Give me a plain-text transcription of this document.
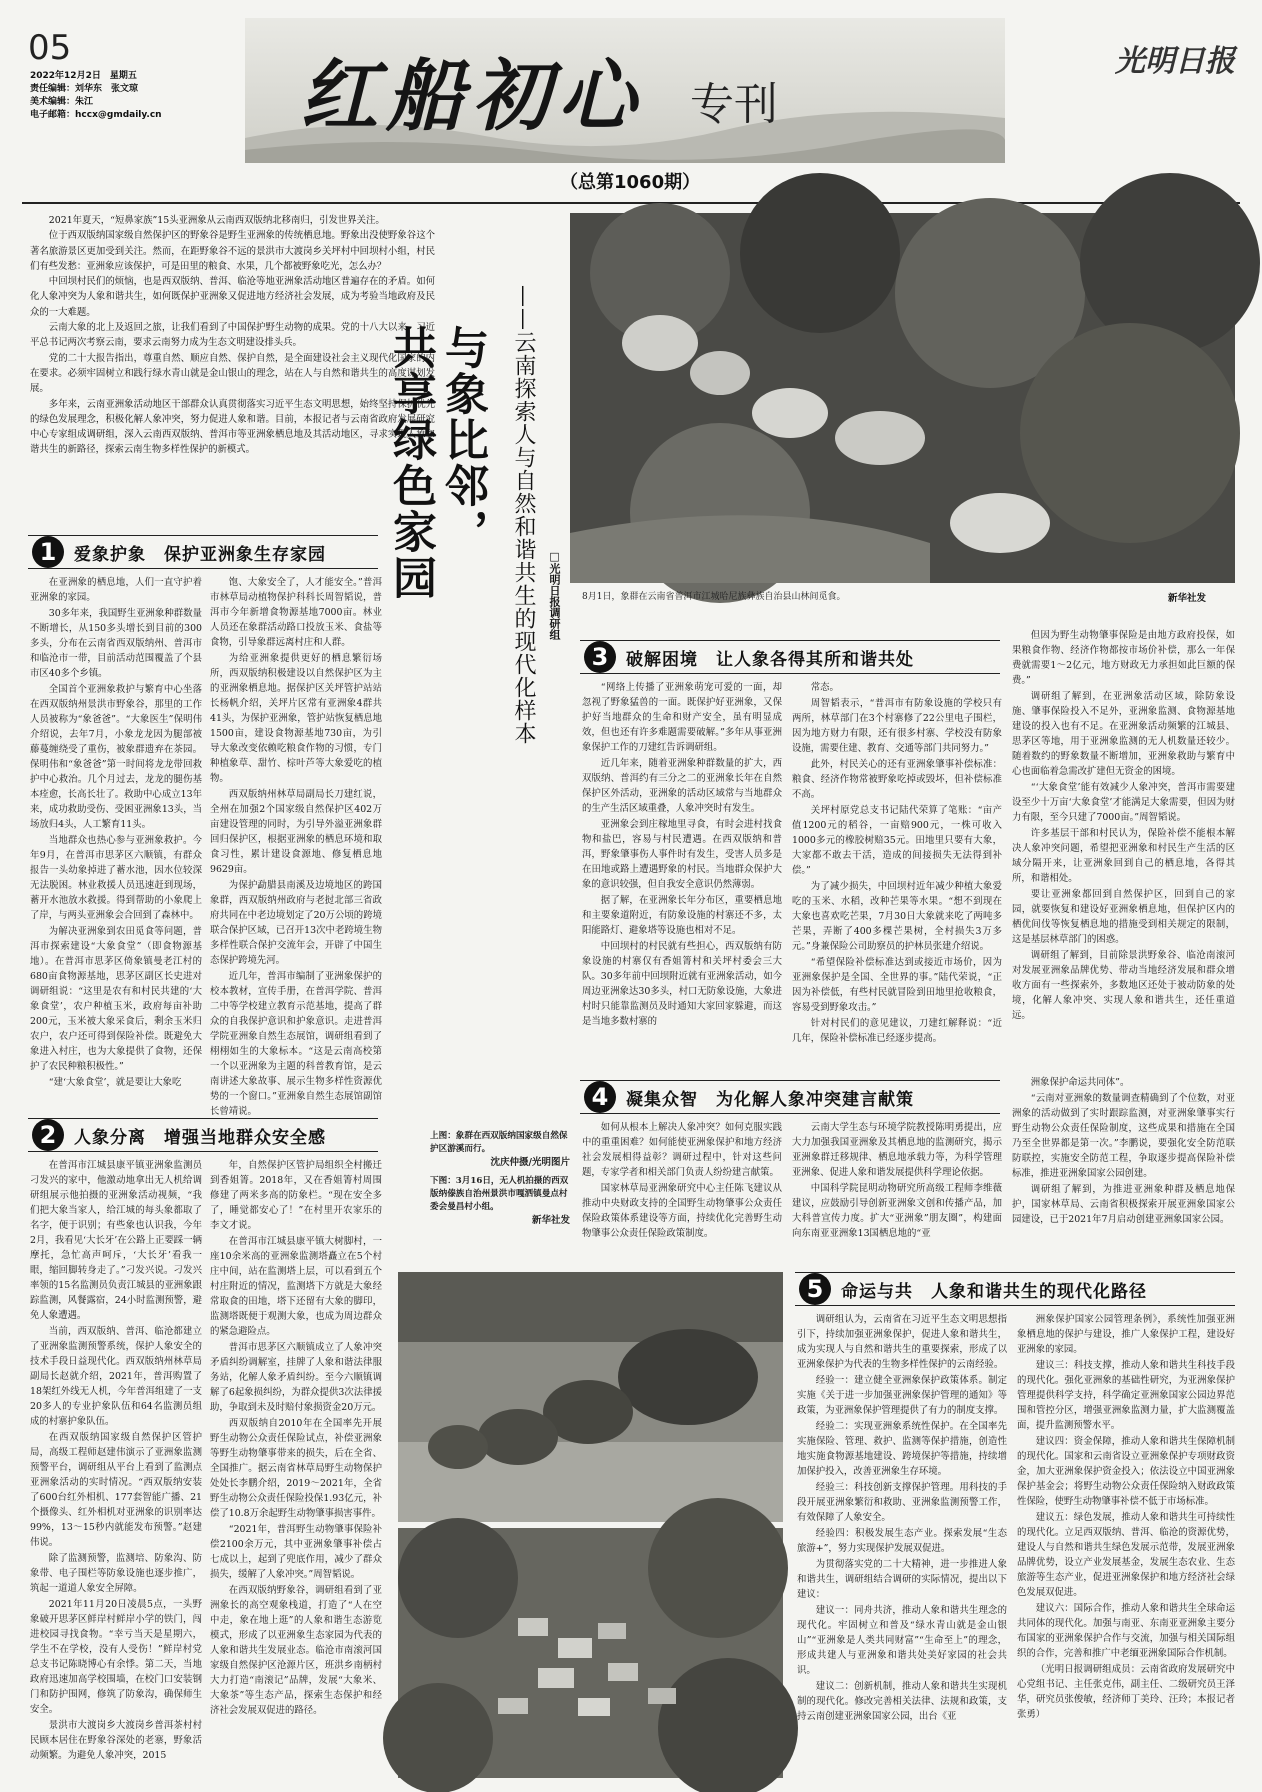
05
2022年12月2日　星期五
责任编辑：刘华东　张文琼
美术编辑：朱江
电子邮箱：hccx@gmdaily.cn	红船初心 专刊
（总第1060期）
光明日报

2021年夏天，“短鼻家族”15头亚洲象从云南西双版纳北移南归，引发世界关注。

位于西双版纳国家级自然保护区的野象谷是野生亚洲象的传统栖息地。野象出没使野象谷这个著名旅游景区更加受到关注。然而，在距野象谷不远的景洪市大渡岗乡关坪村中回坝村小组，村民们有些发愁：亚洲象应该保护，可是田里的粮食、水果，几个都被野象吃光，怎么办？

中回坝村民们的烦恼，也是西双版纳、普洱、临沧等地亚洲象活动地区普遍存在的矛盾。如何化人象冲突为人象和谐共生，如何既保护亚洲象又促进地方经济社会发展，成为考验当地政府及民众的一大难题。

云南大象的北上及返回之旅，让我们看到了中国保护野生动物的成果。党的十八大以来，习近平总书记两次考察云南，要求云南努力成为生态文明建设排头兵。

党的二十大报告指出，尊重自然、顺应自然、保护自然，是全面建设社会主义现代化国家的内在要求。必须牢固树立和践行绿水青山就是金山银山的理念，站在人与自然和谐共生的高度谋划发展。

多年来，云南亚洲象活动地区干部群众认真贯彻落实习近平生态文明思想，始终坚持保护优先的绿色发展理念，积极化解人象冲突，努力促进人象和谐。目前，本报记者与云南省政府发展研究中心专家组成调研组，深入云南西双版纳、普洱市等亚洲象栖息地及其活动地区，寻求实现人象和谐共生的新路径，探索云南生物多样性保护的新模式。	与象比邻，
共享绿色家园	——云南探索人与自然和谐共生的现代化样本 □光明日报调研组 8月1日，象群在云南省普洱市江城哈尼族彝族自治县山林间觅食。	新华社发
1	爱象护象　保护亚洲象生存家园

在亚洲象的栖息地，人们一直守护着亚洲象的家园。

30多年来，我国野生亚洲象种群数量不断增长，从150多头增长到目前的300多头，分布在云南省西双版纳州、普洱市和临沧市一带，目前活动范围覆盖了个县市区40多个乡镇。

全国首个亚洲象救护与繁育中心坐落在西双版纳州景洪市野象谷，那里的工作人员被称为“象爸爸”。“大象医生”保明伟介绍说，去年7月，小象龙龙因为腿部被藤蔓缠绕受了重伤，被象群遗弃在茶园。保明伟和“象爸爸”第一时间将龙龙带回救护中心救治。几个月过去，龙龙的腿伤基本痊愈，长高长壮了。救助中心成立13年来，成功救助受伤、受困亚洲象13头，当场放归4头，人工繁育11头。

当地群众也热心参与亚洲象救护。今年9月，在普洱市思茅区六顺镇，有群众报告一头幼象掉进了蓄水池，因水位较深无法脱困。林业救援人员迅速赶到现场，蓄开水池放水救援。得到帮助的小象爬上了岸，与两头亚洲象会合回到了森林中。

为解决亚洲象到农田觅食等问题，普洱市探索建设“大象食堂”（即食物源基地）。在普洱市思茅区倚象镇曼老江村的680亩食物源基地，思茅区副区长史进对调研组说：“这里是农有和村民共建的‘大象食堂’，农户种植玉米，政府每亩补助200元，玉米被大象采食后，剩余玉米归农户，农户还可得到保险补偿。既避免大象进入村庄，也为大象提供了食物，还保护了农民种粮积极性。”

“建‘大象食堂’，就是要让大象吃

饱、大象安全了，人才能安全。”普洱市林草局动植物保护科科长周智韬说，普洱市今年新增食物源基地7000亩。林业人员还在象群活动路口投放玉米、食盐等食物，引导象群远离村庄和人群。

为给亚洲象提供更好的栖息繁衍场所，西双版纳积极建设以自然保护区为主的亚洲象栖息地。据保护区关坪管护站站长杨帆介绍，关坪片区常有亚洲象4群共41头，为保护亚洲象，管护站恢复栖息地1500亩，建设食物源基地730亩，为引导大象改变依赖吃粮食作物的习惯，专门种植象草、甜竹、棕叶芦等大象爱吃的植物。

西双版纳州林草局副局长刀建红说，全州在加强2个国家级自然保护区402万亩建设管理的同时，为引导外溢亚洲象群回归保护区，根据亚洲象的栖息环境和取食习性，累计建设食源地、修复栖息地9629亩。

为保护勐腊县南溪及边境地区的跨国象群，西双版纳州政府与老挝北部三省政府共同在中老边境划定了20万公顷的跨境联合保护区域，已召开13次中老跨境生物多样性联合保护交流年会，开辟了中国生态保护跨境先河。

近几年，普洱市编制了亚洲象保护的校本教材，宣传手册，在普洱学院、普洱二中等学校建立教育示范基地，提高了群众的自我保护意识和护象意识。走进普洱学院亚洲象自然生态展馆，调研组看到了栩栩如生的大象标本。“这是云南高校第一个以亚洲象为主题的科普教育馆，是云南讲述大象故事、展示生物多样性资源优势的一个窗口。”亚洲象自然生态展馆副馆长曾靖说。

2	人象分离　增强当地群众安全感

在普洱市江城县康平镇亚洲象监测员刁发兴的家中，他激动地拿出无人机给调研组展示他拍摄的亚洲象活动视频，“我们把大象当家人，给江城的每头象都取了名字，便于识别；有些象也认识我，今年2月，我看见‘大长牙’在公路上正要踩一辆摩托，急忙高声呵斥，‘大长牙’看我一眼，缩回脚转身走了。”刁发兴说。刁发兴率领的15名监测员负责江城县的亚洲象跟踪监测，风餐露宿，24小时监测预警，避免人象遭遇。

当前，西双版纳、普洱、临沧都建立了亚洲象监测预警系统，保护人象安全的技术手段日益现代化。西双版纳州林草局副局长赵就介绍，2021年，普洱购置了18架红外线无人机，今年普洱组建了一支20多人的专业护象队伍和64名监测员组成的村寨护象队伍。

在西双版纳国家级自然保护区管护局，高级工程师赵建伟演示了亚洲象监测预警平台，调研组从平台上看到了监测点亚洲象活动的实时情况。“西双版纳安装了600台红外相机、177套智能广播、21个摄像头、红外相机对亚洲象的识别率达99%，13～15秒内就能发布预警。”赵建伟说。

除了监测预警，监测培、防象沟、防象带、电子围栏等防象设施也逐步推广，筑起一道道人象安全屏障。

2021年11月20日凌晨5点，一头野象破开思茅区鲜岸村鲜岸小学的铁门，闯进校园寻找食物。“幸亏当天是星期六，学生不在学校，没有人受伤！”鲜岸村党总支书记陈晓博心有余悸。第二天，当地政府迅速加高学校围墙，在校门口安装钢门和防护围网，修筑了防象沟，确保师生安全。

景洪市大渡岗乡大渡岗乡普洱茶村村民顾本居住在野象谷深处的老寨，野象活动频繁。为避免人象冲突，2015

年，自然保护区管护局组织全村搬迁到香姐箐。2018年，又在香姐箐村周围修建了两米多高的防象栏。“现在安全多了，睡觉都安心了！”在村里开农家乐的李文才说。

在普洱市江城县康平镇大树脚村，一座10余米高的亚洲象监测塔矗立在5个村庄中间，站在监测塔上层，可以看到五个村庄附近的情况，监测塔下方就是大象经常取食的田地，塔下还留有大象的脚印，监测塔既便于观测大象，也成为周边群众的紧急避险点。

普洱市思茅区六顺镇成立了人象冲突矛盾纠纷调解室，挂牌了人象和谐法律服务站，化解人象矛盾纠纷。至今六顺镇调解了6起象损纠纷，为群众提供3次法律援助，争取到未及时赔付象损资金20万元。

西双版纳自2010年在全国率先开展野生动物公众责任保险试点，补偿亚洲象等野生动物肇事带来的损失，后在全省、全国推广。据云南省林草局野生动物保护处处长李鹏介绍，2019～2021年，全省野生动物公众责任保险投保1.93亿元，补偿了10.8万余起野生动物肇事损害事件。

“2021年，普洱野生动物肇事保险补偿2100余万元，其中亚洲象肇事补偿占七成以上，起到了兜底作用，减少了群众损失，缓解了人象冲突。”周智韬说。

在西双版纳野象谷，调研组看到了亚洲象长的高空观象栈道，打造了“人在空中走，象在地上逛”的人象和谐生态游览模式，形成了以亚洲象生态家园为代表的人象和谐共生发展业态。临沧市南滚河国家级自然保护区沧源片区，班洪乡南柄村大力打造“南滚记”品牌，发展“大象米、大象茶”等生态产品，探索生态保护和经济社会发展双促进的路径。

3	破解困境　让人象各得其所和谐共处

“网络上传播了亚洲象萌宠可爱的一面，却忽视了野象猛兽的一面。既保护好亚洲象，又保护好当地群众的生命和财产安全，虽有明显成效，但也还有许多难题需要破解。”多年从事亚洲象保护工作的刀建红告诉调研组。

近几年来，随着亚洲象种群数量的扩大，西双版纳、普洱约有三分之二的亚洲象长年在自然保护区外活动，亚洲象的活动区域常与当地群众的生产生活区域重叠，人象冲突时有发生。

亚洲象会到庄稼地里寻食，有时会进村找食物和盐巴，容易与村民遭遇。在西双版纳和普洱，野象肇事伤人事件时有发生，受害人员多是在田地或路上遭遇野象的村民。当地群众保护大象的意识较强，但自我安全意识仍然薄弱。

据了解，在亚洲象长年分布区，重要栖息地和主要象道附近，有防象设施的村寨还不多，太阳能路灯、避象塔等设施也相对不足。

中回坝村的村民就有些担心，西双版纳有防象设施的村寨仅有香姐箐村和关坪村委会三大队。30多年前中回坝附近就有亚洲象活动，如今周边亚洲象达30多头，村口无防象设施，大象进村时只能靠监测员及时通知大家回家躲避，而这是当地多数村寨的

常态。

周智韬表示，“普洱市有防象设施的学校只有两所，林草部门在3个村寨修了22公里电子围栏，因为地方财力有限，还有很多村寨、学校没有防象设施，需要住建、教育、交通等部门共同努力。”

此外，村民关心的还有亚洲象肇事补偿标准：粮食、经济作物常被野象吃掉或毁坏，但补偿标准不高。

关坪村原党总支书记陆代荣算了笔账：“亩产值1200元的稻谷，一亩赔900元，一株可收入1000多元的橡胶树赔35元。田地里只要有大象，大家都不敢去干活，造成的间接损失无法得到补偿。”

为了减少损失，中回坝村近年减少种植大象爱吃的玉米、水稻，改种芒果等水果。“想不到现在大象也喜欢吃芒果，7月30日大象就来吃了两吨多芒果，弄断了400多棵芒果树，全村损失3万多元。”身兼保险公司助察员的护林员张建介绍说。

“希望保险补偿标准达到或接近市场价，因为亚洲象保护是全国、全世界的事。”陆代荣说，“正因为补偿低，有些村民就冒险到田地里抢收粮食，容易受到野象攻击。”

针对村民们的意见建议，刀建红解释说：“近几年，保险补偿标准已经逐步提高。

但因为野生动物肇事保险是由地方政府投保，如果粮食作物、经济作物都按市场价补偿，那么一年保费就需要1～2亿元，地方财政无力承担如此巨额的保费。”

调研组了解到，在亚洲象活动区域，除防象设施、肇事保险投入不足外，亚洲象监测、食物源基地建设的投入也有不足。在亚洲象活动频繁的江城县、思茅区等地，用于亚洲象监测的无人机数量还较少。随着数约的野象数量不断增加，亚洲象救助与繁育中心也面临着急需改扩建但无资金的困境。

“‘大象食堂’能有效减少人象冲突，普洱市需要建设至少十万亩‘大象食堂’才能满足大象需要，但因为财力有限，至今只建了7000亩。”周智韬说。

许多基层干部和村民认为，保险补偿不能根本解决人象冲突问题，希望把亚洲象和村民生产生活的区域分隔开来，让亚洲象回到自己的栖息地，各得其所，和谐相处。

要让亚洲象都回到自然保护区，回到自己的家园，就要恢复和建设好亚洲象栖息地，但保护区内的栖优间伐等恢复栖息地的措施受到相关规定的限制，这是基层林草部门的困惑。

调研组了解到，目前除景洪野象谷、临沧南滚河对发展亚洲象品牌优势、带动当地经济发展和群众增收方面有一些探索外，多数地区还处于被动防象的处境，化解人象冲突、实现人象和谐共生，还任重道远。

4	凝集众智　为化解人象冲突建言献策

如何从根本上解决人象冲突？如何克服实践中的重重困难？如何能使亚洲象保护和地方经济社会发展相得益彰？调研过程中，针对这些问题，专家学者和相关部门负责人纷纷建言献策。

国家林草局亚洲象研究中心主任陈飞建议从推动中央财政支持的全国野生动物肇事公众责任保险政策体系建设等方面，持续优化完善野生动物肇事公众责任保险政策制度。

云南大学生态与环境学院教授陈明勇提出，应大力加强我国亚洲象及其栖息地的监测研究，揭示亚洲象群迁移规律、栖息地承载力等，为科学管理亚洲象、促进人象和谐发展提供科学理论依据。

中国科学院昆明动物研究所高级工程师李维薇建议，应鼓励引导创新亚洲象文创和传播产品，加大科普宣传力度。扩大“亚洲象”朋友圈”，构建面向东南亚亚洲象13国栖息地的“亚

洲象保护命运共同体”。

“云南对亚洲象的数量调查精确到了个位数，对亚洲象的活动做到了实时跟踪监测，对亚洲象肇事实行野生动物公众责任保险制度，这些成果和措施在全国乃至全世界都是第一次。”李鹏说，要强化安全防范联防联控，实施安全防范工程，争取逐步提高保险补偿标准，推进亚洲象国家公园创建。

调研组了解到，为推进亚洲象种群及栖息地保护，国家林草局、云南省积极探索开展亚洲象国家公园建设，已于2021年7月启动创建亚洲象国家公园。

上图：象群在西双版纳国家级自然保护区游溪而行。
沈庆仲摄/光明图片
下图：3月16日，无人机拍摄的西双版纳傣族自治州景洪市嘎洒镇曼点村委会曼昌村小组。
新华社发
5	命运与共　人象和谐共生的现代化路径

调研组认为，云南省在习近平生态文明思想指引下，持续加强亚洲象保护，促进人象和谐共生，成为实现人与自然和谐共生的重要探索，形成了以亚洲象保护为代表的生物多样性保护的云南经验。

经验一：建立健全亚洲象保护政策体系。制定实施《关于进一步加强亚洲象保护管理的通知》等政策，为亚洲象保护管理提供了有力的制度支撑。

经验二：实现亚洲象系统性保护。在全国率先实施保险、管理、救护、监测等保护措施，创造性地实施食物源基地建设、跨境保护等措施，持续增加保护投入，改善亚洲象生存环境。

经验三：科技创新支撑保护管理。用科技的手段开展亚洲象繁衍和救助、亚洲象监测预警工作，有效保障了人象安全。

经验四：积极发展生态产业。探索发展“生态旅游+”，努力实现保护发展双促进。

为贯彻落实党的二十大精神，进一步推进人象和谐共生，调研组结合调研的实际情况，提出以下建议：

建议一：同舟共济，推动人象和谐共生理念的现代化。牢固树立和普及“绿水青山就是金山银山”“亚洲象是人类共同财富”“生命至上”的理念，形成共建人与亚洲象和谐共处美好家园的社会共识。

建议二：创新机制，推动人象和谐共生实现机制的现代化。修改完善相关法律、法规和政策，支持云南创建亚洲象国家公园，出台《亚

洲象保护国家公园管理条例》，系统性加强亚洲象栖息地的保护与建设，推广人象保护工程，建设好亚洲象的家园。

建议三：科技支撑，推动人象和谐共生科技手段的现代化。强化亚洲象的基础性研究，为亚洲象保护管理提供科学支持，科学确定亚洲象国家公园边界范围和管控分区，增强亚洲象监测力量，扩大监测覆盖面，提升监测预警水平。

建议四：资金保障，推动人象和谐共生保障机制的现代化。国家和云南省设立亚洲象保护专项财政资金，加大亚洲象保护资金投入；依法设立中国亚洲象保护基金会；将野生动物公众责任保险纳入财政政策性保险，使野生动物肇事补偿不低于市场标准。

建议五：绿色发展，推动人象和谐共生可持续性的现代化。立足西双版纳、普洱、临沧的资源优势，建设人与自然和谐共生绿色发展示范带，发展亚洲象品牌优势，设立产业发展基金，发展生态农业、生态旅游等生态产业，促进亚洲象保护和地方经济社会绿色发展双促进。

建议六：国际合作，推动人象和谐共生全球命运共同体的现代化。加强与南亚、东南亚亚洲象主要分布国家的亚洲象保护合作与交流，加强与相关国际组织的合作，完善和推广中老缅亚洲象国际合作机制。

（光明日报调研组成员：云南省政府发展研究中心党组书记、主任张克伟，副主任、二级研究员王泽华，研究员张俊敏，经济师丁美玲、汪玲；本报记者张勇）
